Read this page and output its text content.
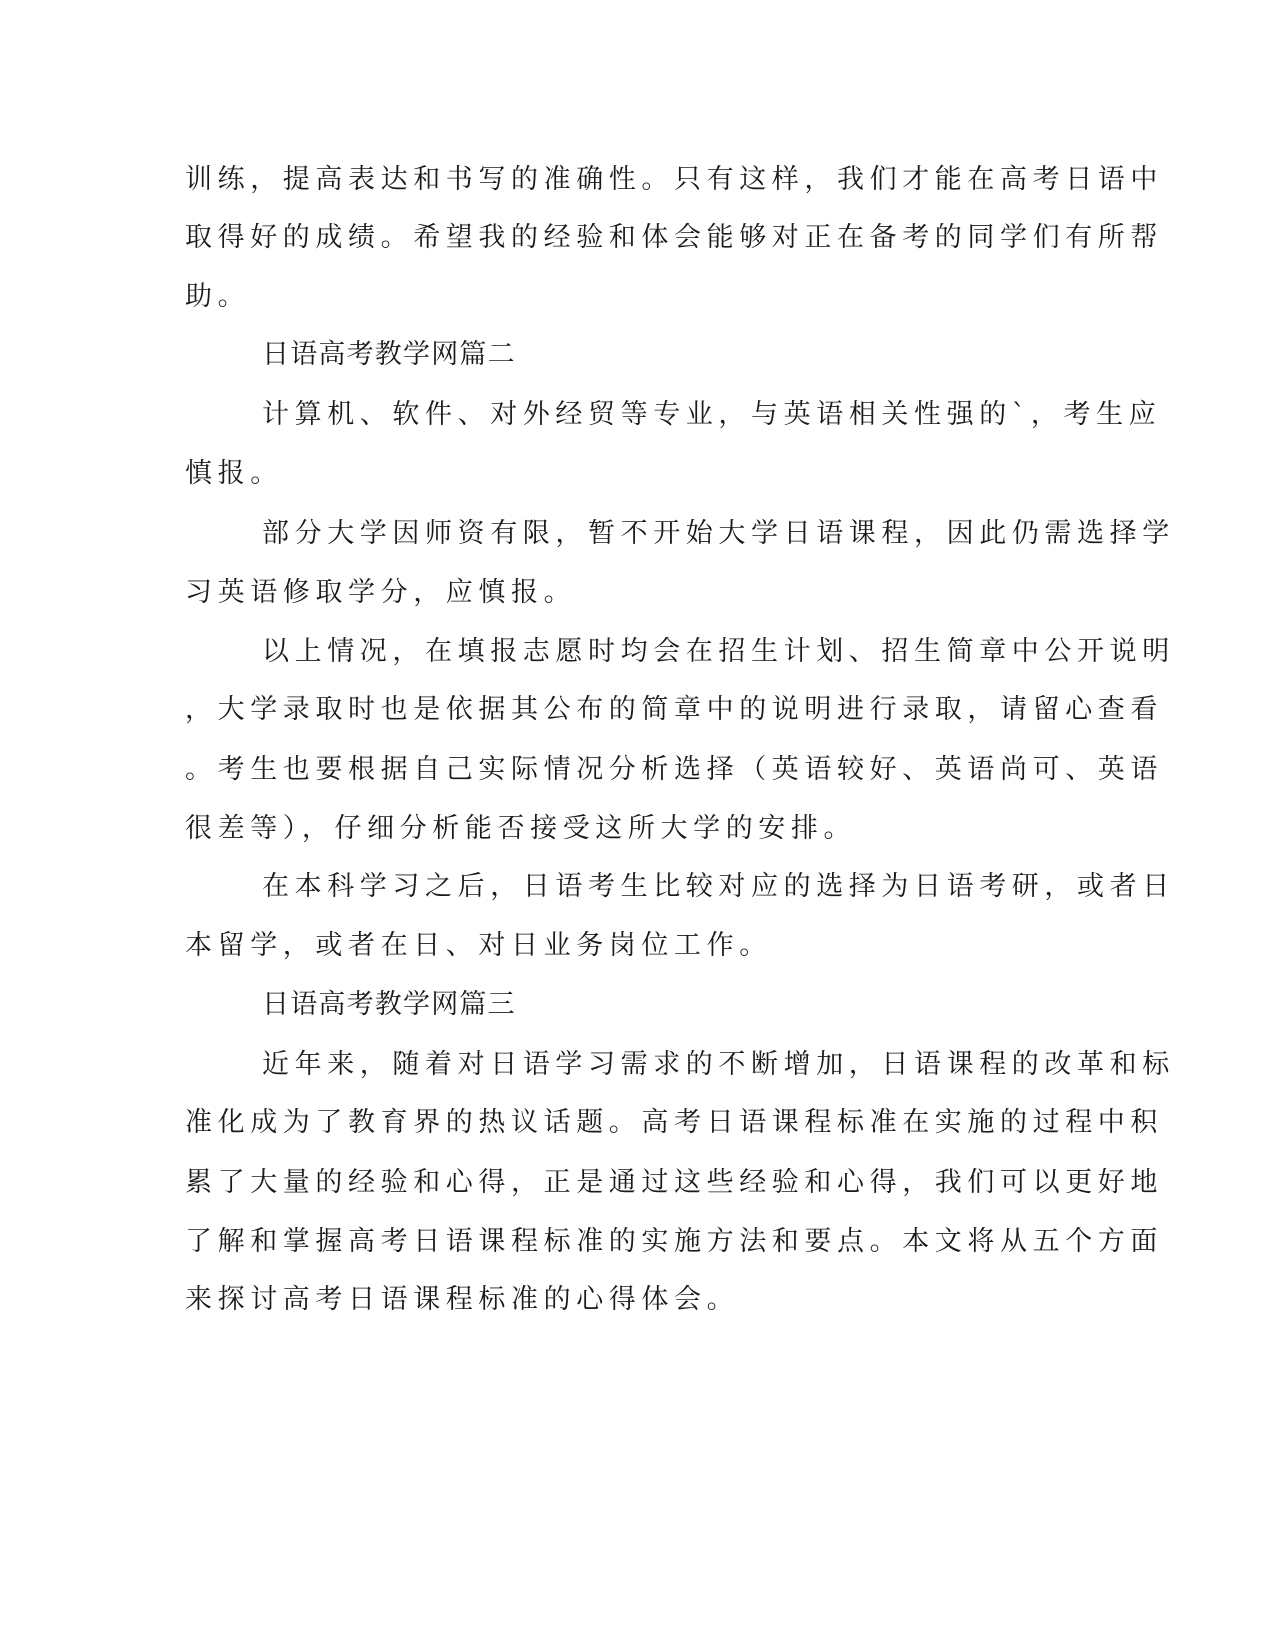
训练，提高表达和书写的准确性。只有这样，我们才能在高考日语中
取得好的成绩。希望我的经验和体会能够对正在备考的同学们有所帮
助。
日语高考教学网篇二
计算机、软件、对外经贸等专业，与英语相关性强的`，考生应
慎报。
部分大学因师资有限，暂不开始大学日语课程，因此仍需选择学
习英语修取学分，应慎报。
以上情况，在填报志愿时均会在招生计划、招生简章中公开说明
，大学录取时也是依据其公布的简章中的说明进行录取，请留心查看
。考生也要根据自己实际情况分析选择（英语较好、英语尚可、英语
很差等），仔细分析能否接受这所大学的安排。
在本科学习之后，日语考生比较对应的选择为日语考研，或者日
本留学，或者在日、对日业务岗位工作。
日语高考教学网篇三
近年来，随着对日语学习需求的不断增加，日语课程的改革和标
准化成为了教育界的热议话题。高考日语课程标准在实施的过程中积
累了大量的经验和心得，正是通过这些经验和心得，我们可以更好地
了解和掌握高考日语课程标准的实施方法和要点。本文将从五个方面
来探讨高考日语课程标准的心得体会。
